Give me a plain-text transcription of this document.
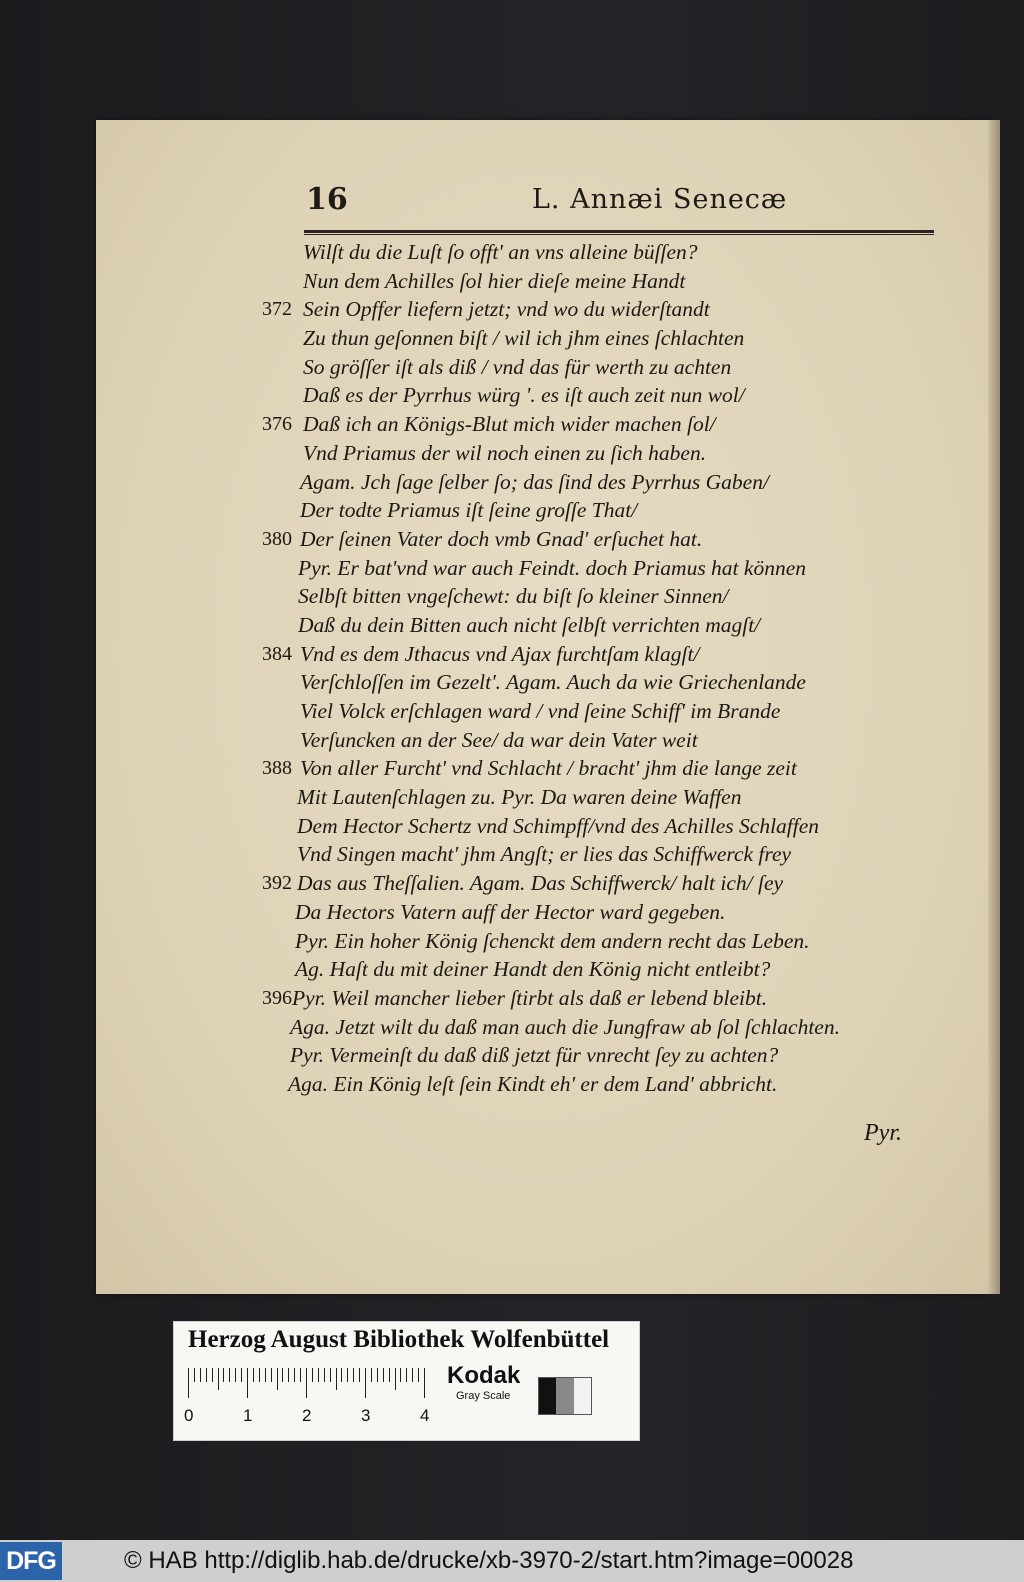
16	L. Annæi Senecæ
Wilſt du die Luſt ſo offt' an vns alleine büſſen?
Nun dem Achilles ſol hier dieſe meine Handt
372 Sein Opffer liefern jetzt; vnd wo du widerſtandt
Zu thun geſonnen biſt / wil ich jhm eines ſchlachten
So gröſſer iſt als diß / vnd das für werth zu achten
Daß es der Pyrrhus würg '. es iſt auch zeit nun wol/
376 Daß ich an Königs-Blut mich wider machen ſol/
Vnd Priamus der wil noch einen zu ſich haben.
Agam. Jch ſage ſelber ſo; das ſind des Pyrrhus Gaben/
Der todte Priamus iſt ſeine groſſe That/
380 Der ſeinen Vater doch vmb Gnad' erſuchet hat.
Pyr. Er bat'vnd war auch Feindt. doch Priamus hat können
Selbſt bitten vngeſchewt: du biſt ſo kleiner Sinnen/
Daß du dein Bitten auch nicht ſelbſt verrichten magſt/
384 Vnd es dem Jthacus vnd Ajax furchtſam klagſt/
Verſchloſſen im Gezelt'. Agam. Auch da wie Griechenlande
Viel Volck erſchlagen ward / vnd ſeine Schiff' im Brande
Verſuncken an der See/ da war dein Vater weit
388 Von aller Furcht' vnd Schlacht / bracht' jhm die lange zeit
Mit Lautenſchlagen zu. Pyr. Da waren deine Waffen
Dem Hector Schertz vnd Schimpff/vnd des Achilles Schlaffen
Vnd Singen macht' jhm Angſt; er lies das Schiffwerck frey
392 Das aus Theſſalien. Agam. Das Schiffwerck/ halt ich/ ſey
Da Hectors Vatern auff der Hector ward gegeben.
Pyr. Ein hoher König ſchenckt dem andern recht das Leben.
Ag. Haſt du mit deiner Handt den König nicht entleibt?
396 Pyr. Weil mancher lieber ſtirbt als daß er lebend bleibt.
Aga. Jetzt wilt du daß man auch die Jungfraw ab ſol ſchlachten.
Pyr. Vermeinſt du daß diß jetzt für vnrecht ſey zu achten?
Aga. Ein König leſt ſein Kindt eh' er dem Land' abbricht.
Pyr.
Herzog August Bibliothek Wolfenbüttel
0	1	2	3	4
Kodak
Gray Scale
DFG	© HAB http://diglib.hab.de/drucke/xb-3970-2/start.htm?image=00028
